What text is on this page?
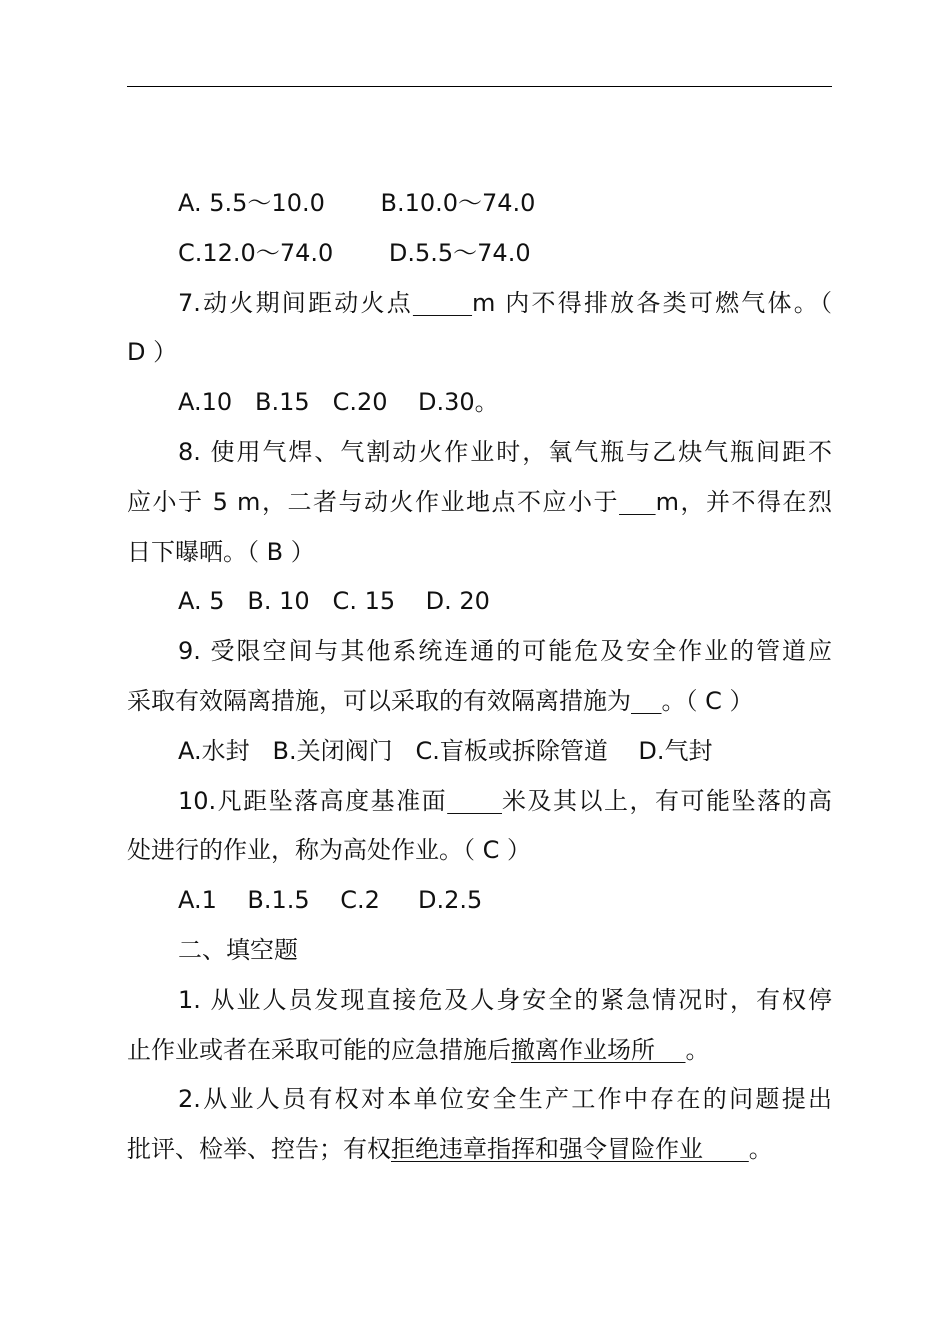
A. 5.5～10.0　　 B.10.0～74.0
C.12.0～74.0　　 D.5.5～74.0
7.动火期间距动火点 m 内不得排放各类可燃气体。（
D ）
A.10   B.15   C.20    D.30。
8. 使用气焊、气割动火作业时，氧气瓶与乙炔气瓶间距不
应小于 5 m，二者与动火作业地点不应小于 m，并不得在烈
日下曝晒。（ B ）
A. 5   B. 10   C. 15    D. 20
9. 受限空间与其他系统连通的可能危及安全作业的管道应
采取有效隔离措施，可以采取的有效隔离措施为 。（ C ）
A.水封   B.关闭阀门   C.盲板或拆除管道    D.气封
10.凡距坠落高度基准面 米及其以上，有可能坠落的高
处进行的作业，称为高处作业。（ C ）
A.1    B.1.5    C.2     D.2.5
二、填空题
1. 从业人员发现直接危及人身安全的紧急情况时，有权停
止作业或者在采取可能的应急措施后撤离作业场所    。
2.从业人员有权对本单位安全生产工作中存在的问题提出
批评、检举、控告；有权拒绝违章指挥和强令冒险作业      。
